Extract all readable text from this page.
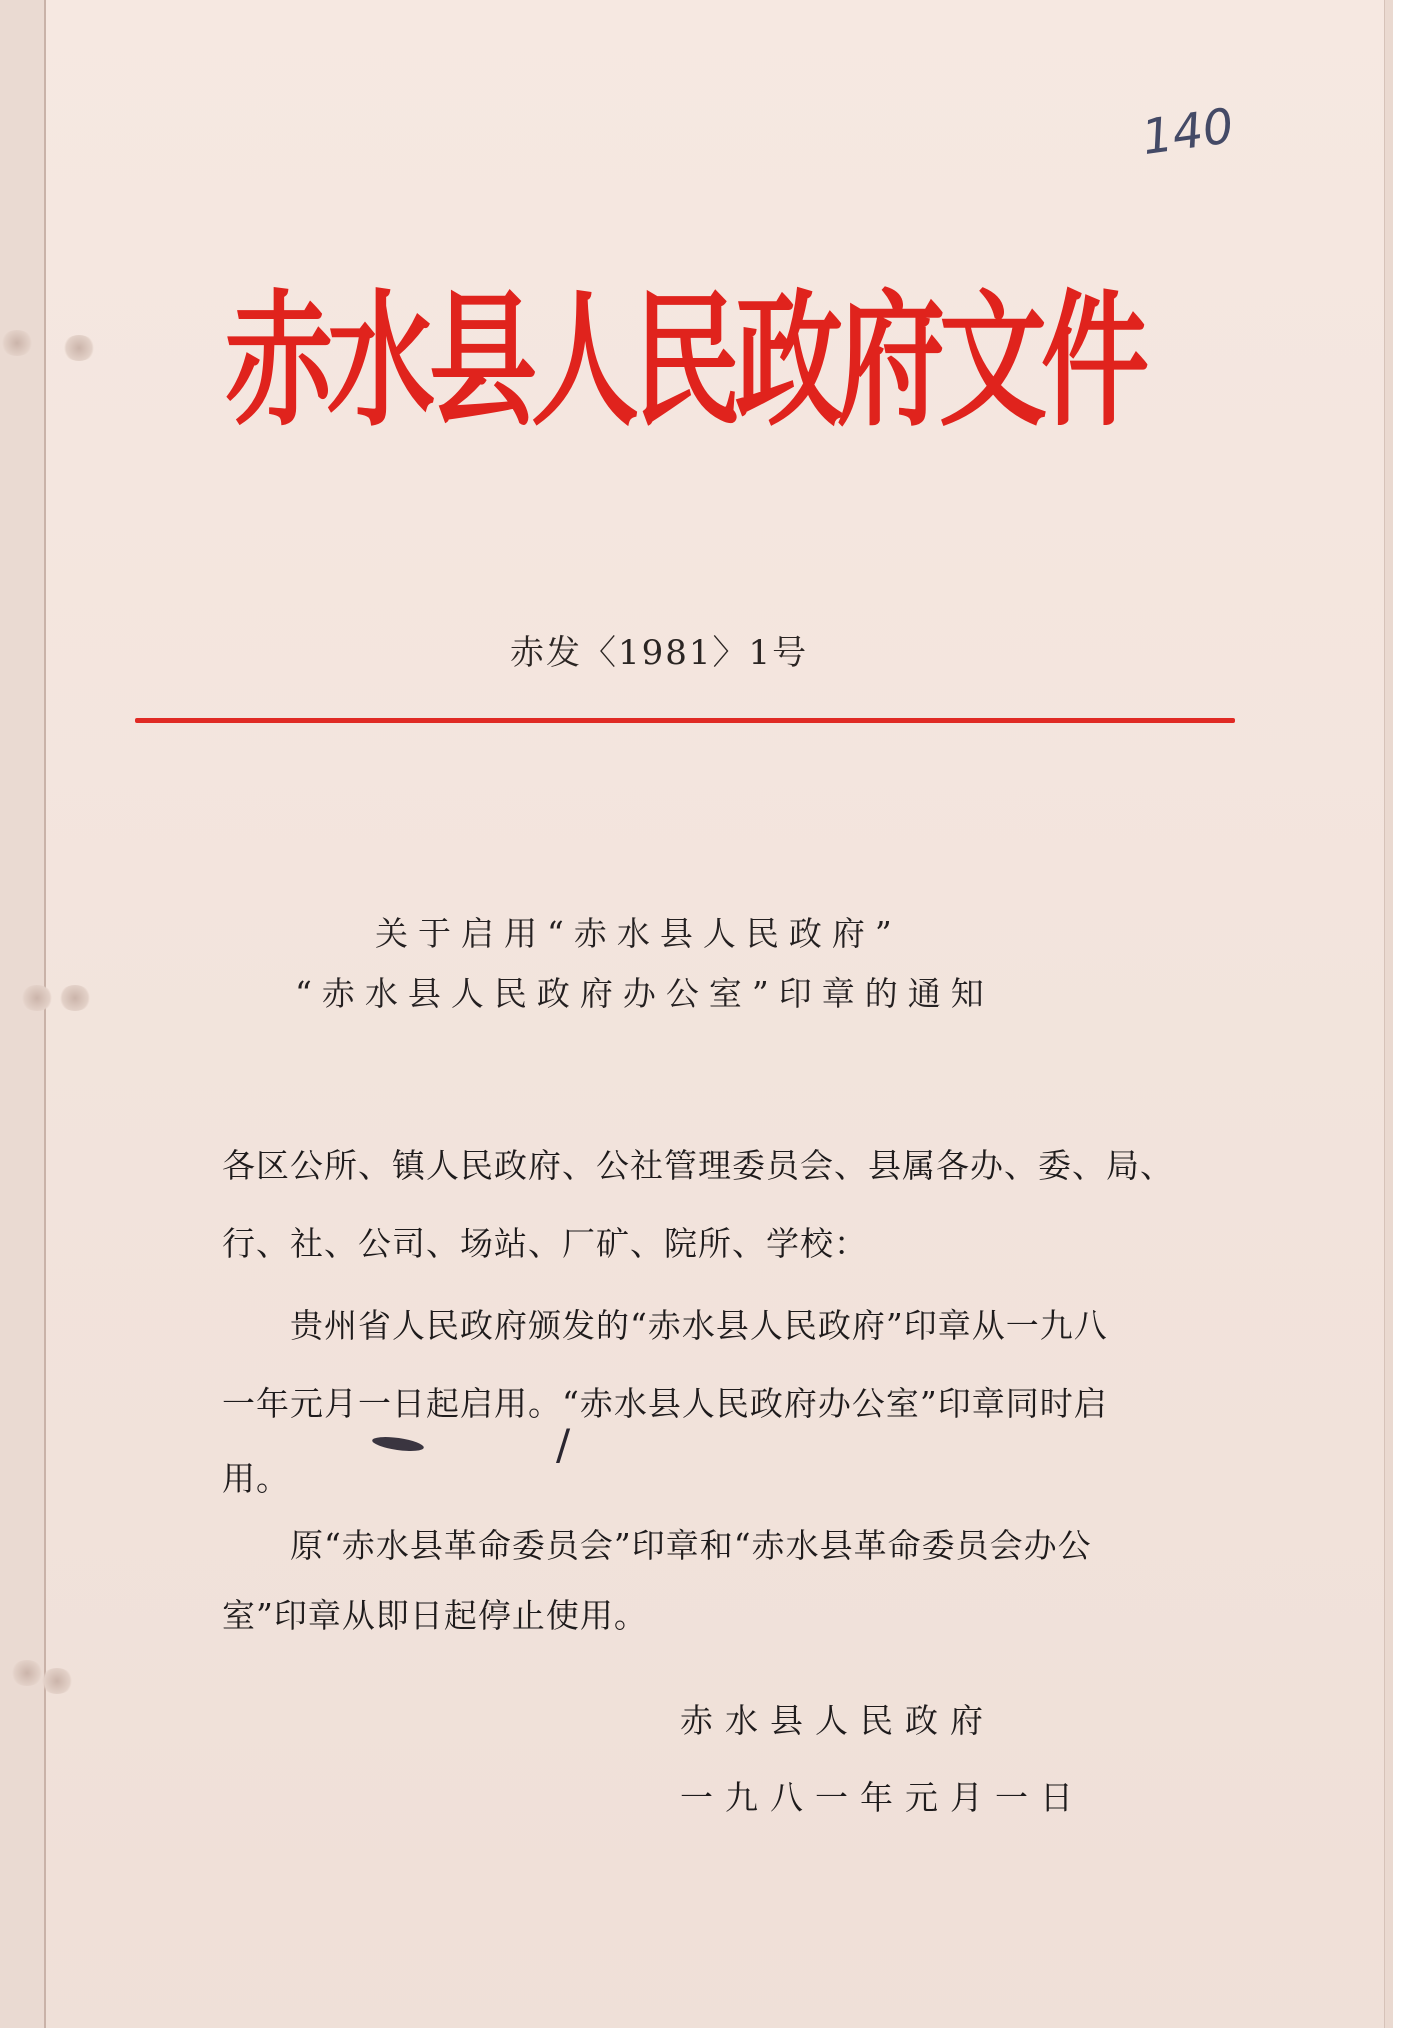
140
赤水县人民政府文件
赤发〈1981〉1号
关于启用“赤水县人民政府”
“赤水县人民政府办公室”印章的通知
各区公所、镇人民政府、公社管理委员会、县属各办、委、局、
行、社、公司、场站、厂矿、院所、学校：
贵州省人民政府颁发的“赤水县人民政府”印章从一九八
一年元月一日起启用。“赤水县人民政府办公室”印章同时启
用。
/
原“赤水县革命委员会”印章和“赤水县革命委员会办公
室”印章从即日起停止使用。
赤水县人民政府
一九八一年元月一日
